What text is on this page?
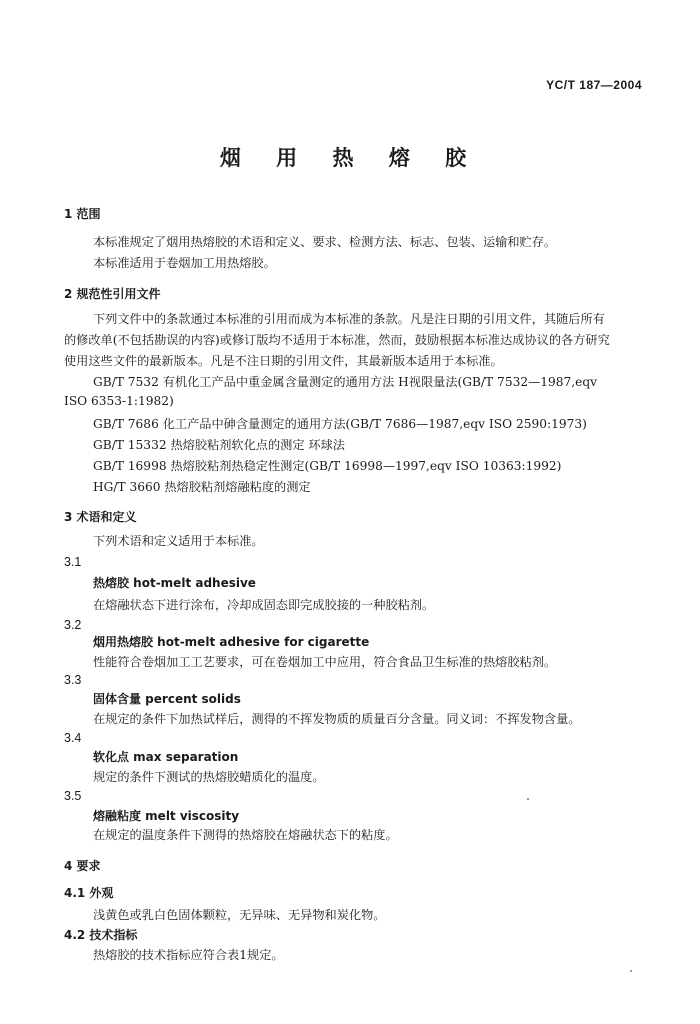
YC/T 187—2004
烟 用 热 熔 胶
1 范围
本标准规定了烟用热熔胶的术语和定义、要求、检测方法、标志、包装、运输和贮存。
本标准适用于卷烟加工用热熔胶。
2 规范性引用文件
下列文件中的条款通过本标准的引用而成为本标准的条款。凡是注日期的引用文件，其随后所有
的修改单(不包括勘误的内容)或修订版均不适用于本标准，然而，鼓励根据本标准达成协议的各方研究
使用这些文件的最新版本。凡是不注日期的引用文件，其最新版本适用于本标准。
GB/T 7532 有机化工产品中重金属含量测定的通用方法 H视限量法(GB/T 7532—1987,eqv
ISO 6353-1:1982)
GB/T 7686 化工产品中砷含量测定的通用方法(GB/T 7686—1987,eqv ISO 2590:1973)
GB/T 15332 热熔胶粘剂软化点的测定 环球法
GB/T 16998 热熔胶粘剂热稳定性测定(GB/T 16998—1997,eqv ISO 10363:1992)
HG/T 3660 热熔胶粘剂熔融粘度的测定
3 术语和定义
下列术语和定义适用于本标准。
3.1
热熔胶 hot-melt adhesive
在熔融状态下进行涂布，冷却成固态即完成胶接的一种胶粘剂。
3.2
烟用热熔胶 hot-melt adhesive for cigarette
性能符合卷烟加工工艺要求，可在卷烟加工中应用，符合食品卫生标准的热熔胶粘剂。
3.3
固体含量 percent solids
在规定的条件下加热试样后，测得的不挥发物质的质量百分含量。同义词：不挥发物含量。
3.4
软化点 max separation
规定的条件下测试的热熔胶蜡质化的温度。
3.5
熔融粘度 melt viscosity
在规定的温度条件下测得的热熔胶在熔融状态下的粘度。
4 要求
4.1 外观
浅黄色或乳白色固体颗粒，无异味、无异物和炭化物。
4.2 技术指标
热熔胶的技术指标应符合表1规定。
